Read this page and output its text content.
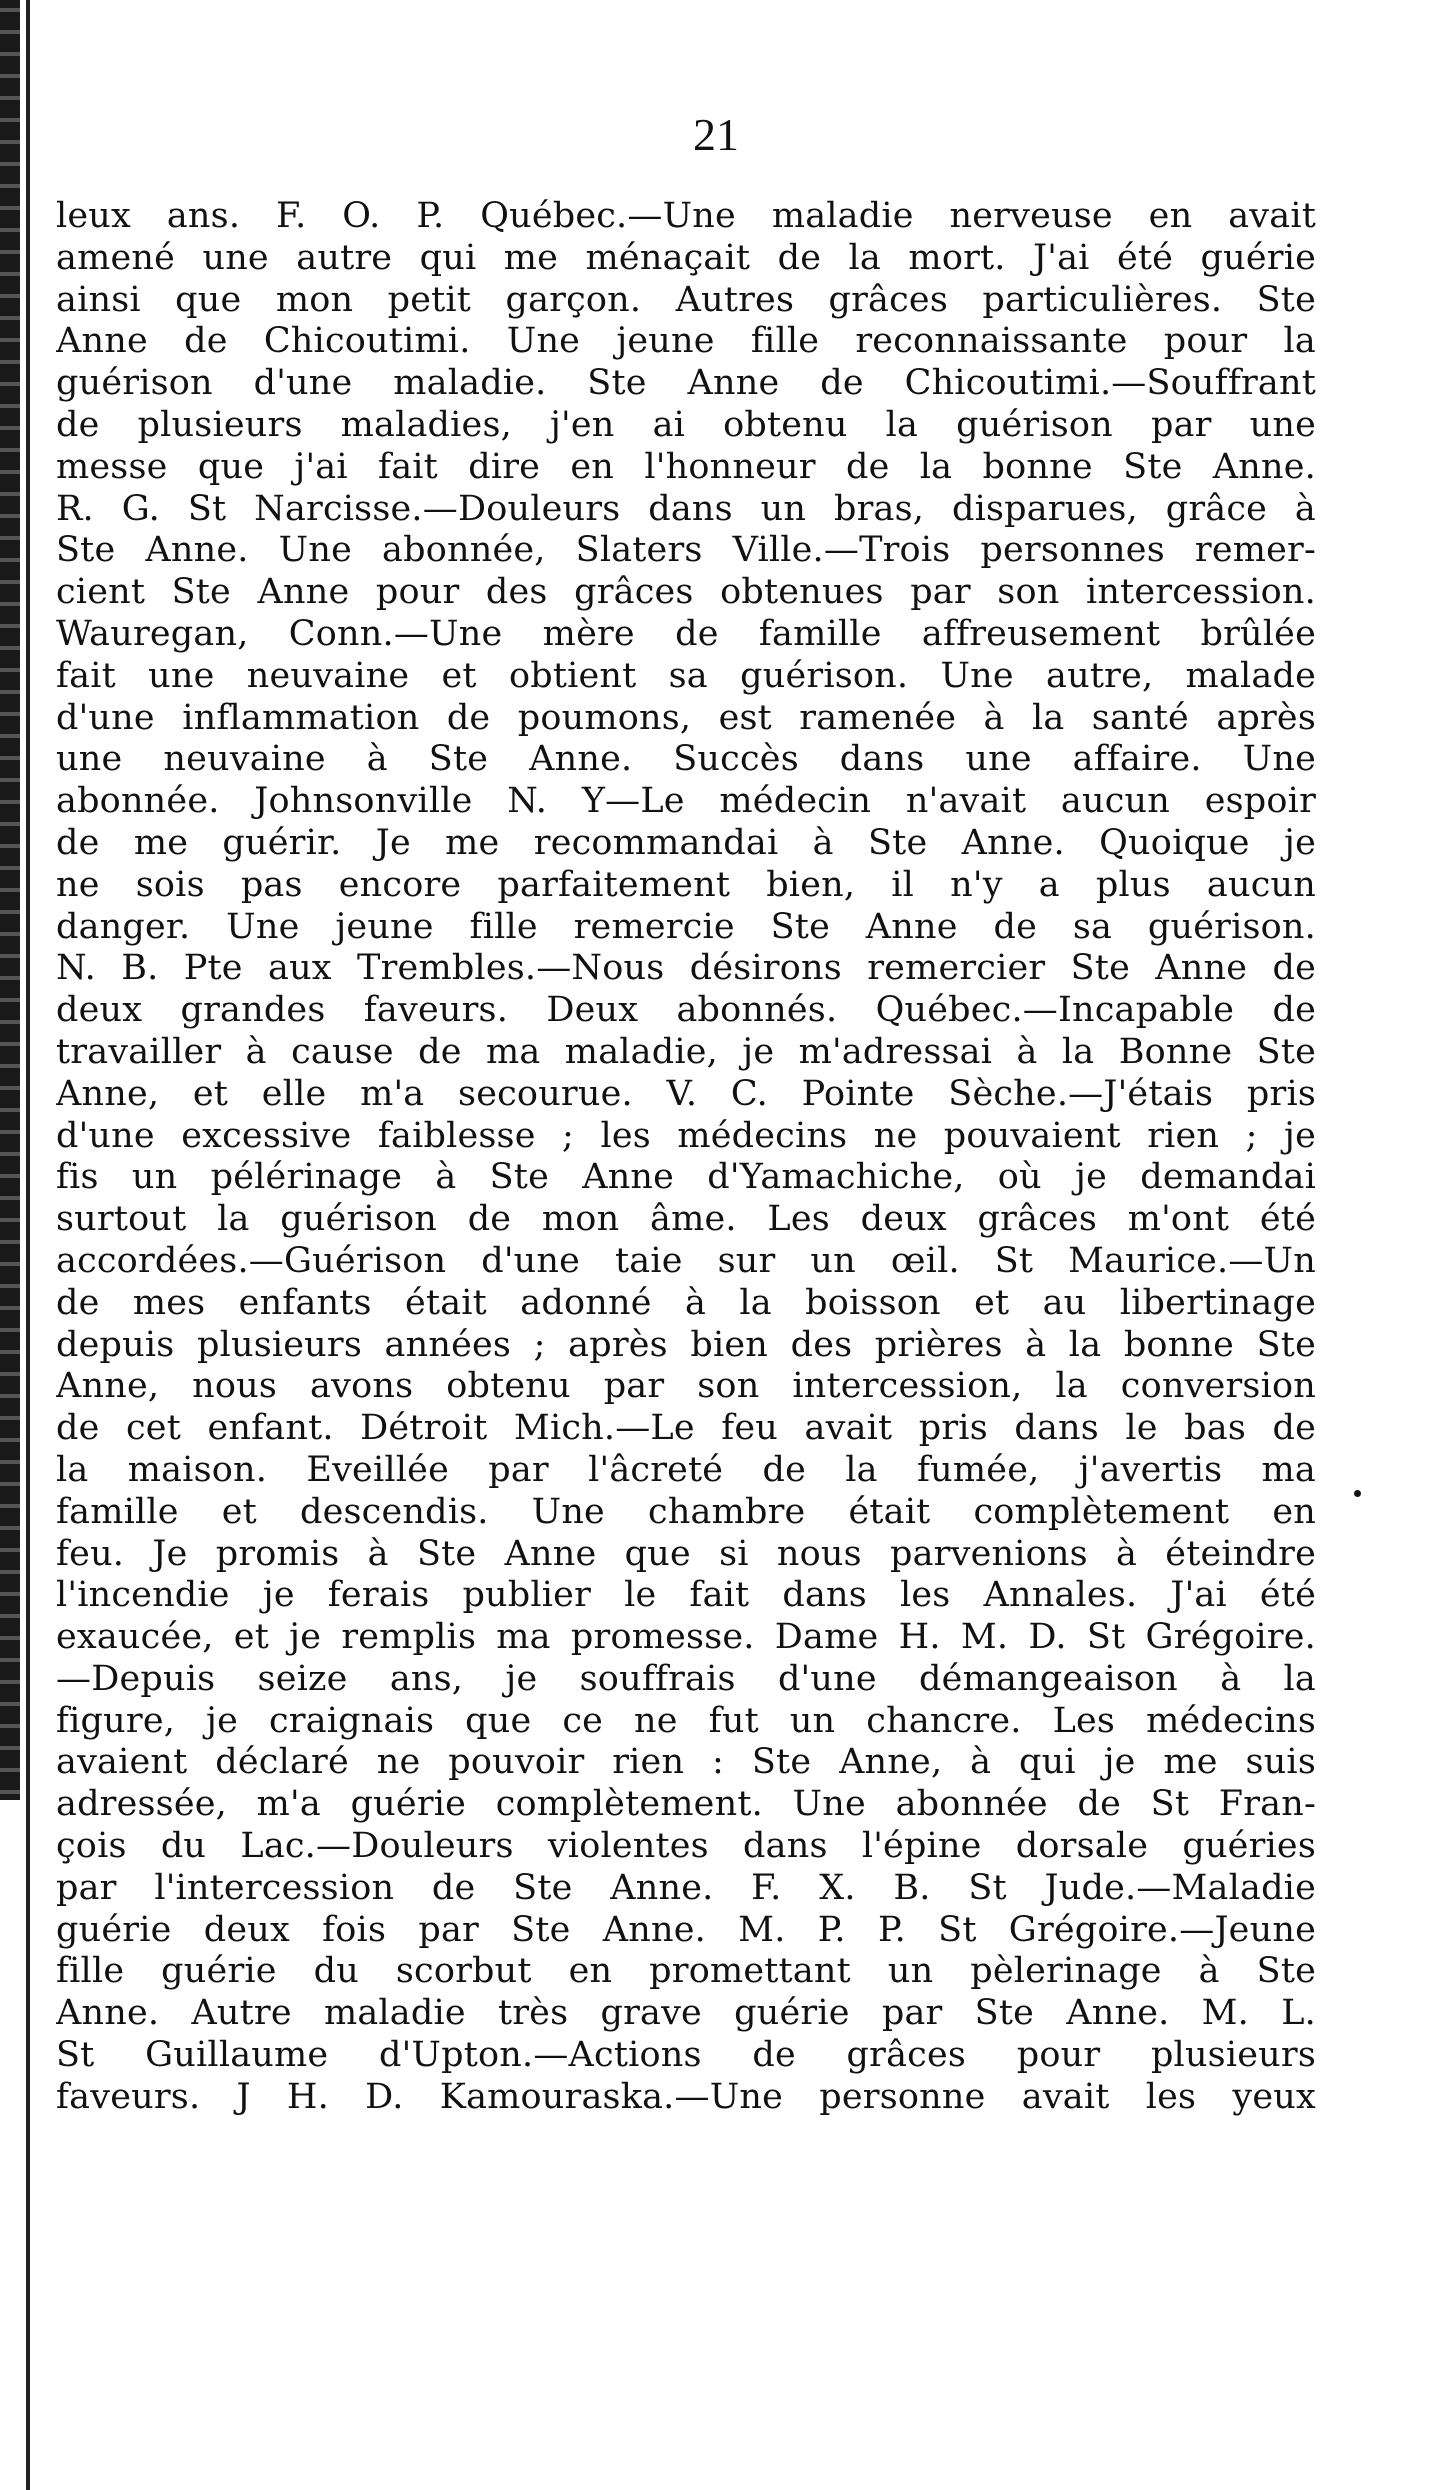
21
leux ans. F. O. P. Québec.—Une maladie nerveuse en avait
amené une autre qui me ménaçait de la mort. J'ai été guérie
ainsi que mon petit garçon. Autres grâces particulières. Ste
Anne de Chicoutimi. Une jeune fille reconnaissante pour la
guérison d'une maladie. Ste Anne de Chicoutimi.—Souffrant
de plusieurs maladies, j'en ai obtenu la guérison par une
messe que j'ai fait dire en l'honneur de la bonne Ste Anne.
R. G. St Narcisse.—Douleurs dans un bras, disparues, grâce à
Ste Anne. Une abonnée, Slaters Ville.—Trois personnes remer-
cient Ste Anne pour des grâces obtenues par son intercession.
Wauregan, Conn.—Une mère de famille affreusement brûlée
fait une neuvaine et obtient sa guérison. Une autre, malade
d'une inflammation de poumons, est ramenée à la santé après
une neuvaine à Ste Anne. Succès dans une affaire. Une
abonnée. Johnsonville N. Y—Le médecin n'avait aucun espoir
de me guérir. Je me recommandai à Ste Anne. Quoique je
ne sois pas encore parfaitement bien, il n'y a plus aucun
danger. Une jeune fille remercie Ste Anne de sa guérison.
N. B. Pte aux Trembles.—Nous désirons remercier Ste Anne de
deux grandes faveurs. Deux abonnés. Québec.—Incapable de
travailler à cause de ma maladie, je m'adressai à la Bonne Ste
Anne, et elle m'a secourue. V. C. Pointe Sèche.—J'étais pris
d'une excessive faiblesse ; les médecins ne pouvaient rien ; je
fis un pélérinage à Ste Anne d'Yamachiche, où je demandai
surtout la guérison de mon âme. Les deux grâces m'ont été
accordées.—Guérison d'une taie sur un œil. St Maurice.—Un
de mes enfants était adonné à la boisson et au libertinage
depuis plusieurs années ; après bien des prières à la bonne Ste
Anne, nous avons obtenu par son intercession, la conversion
de cet enfant. Détroit Mich.—Le feu avait pris dans le bas de
la maison. Eveillée par l'âcreté de la fumée, j'avertis ma
famille et descendis. Une chambre était complètement en
feu. Je promis à Ste Anne que si nous parvenions à éteindre
l'incendie je ferais publier le fait dans les Annales. J'ai été
exaucée, et je remplis ma promesse. Dame H. M. D. St Grégoire.
—Depuis seize ans, je souffrais d'une démangeaison à la
figure, je craignais que ce ne fut un chancre. Les médecins
avaient déclaré ne pouvoir rien : Ste Anne, à qui je me suis
adressée, m'a guérie complètement. Une abonnée de St Fran-
çois du Lac.—Douleurs violentes dans l'épine dorsale guéries
par l'intercession de Ste Anne. F. X. B. St Jude.—Maladie
guérie deux fois par Ste Anne. M. P. P. St Grégoire.—Jeune
fille guérie du scorbut en promettant un pèlerinage à Ste
Anne. Autre maladie très grave guérie par Ste Anne. M. L.
St Guillaume d'Upton.—Actions de grâces pour plusieurs
faveurs. J H. D. Kamouraska.—Une personne avait les yeux
